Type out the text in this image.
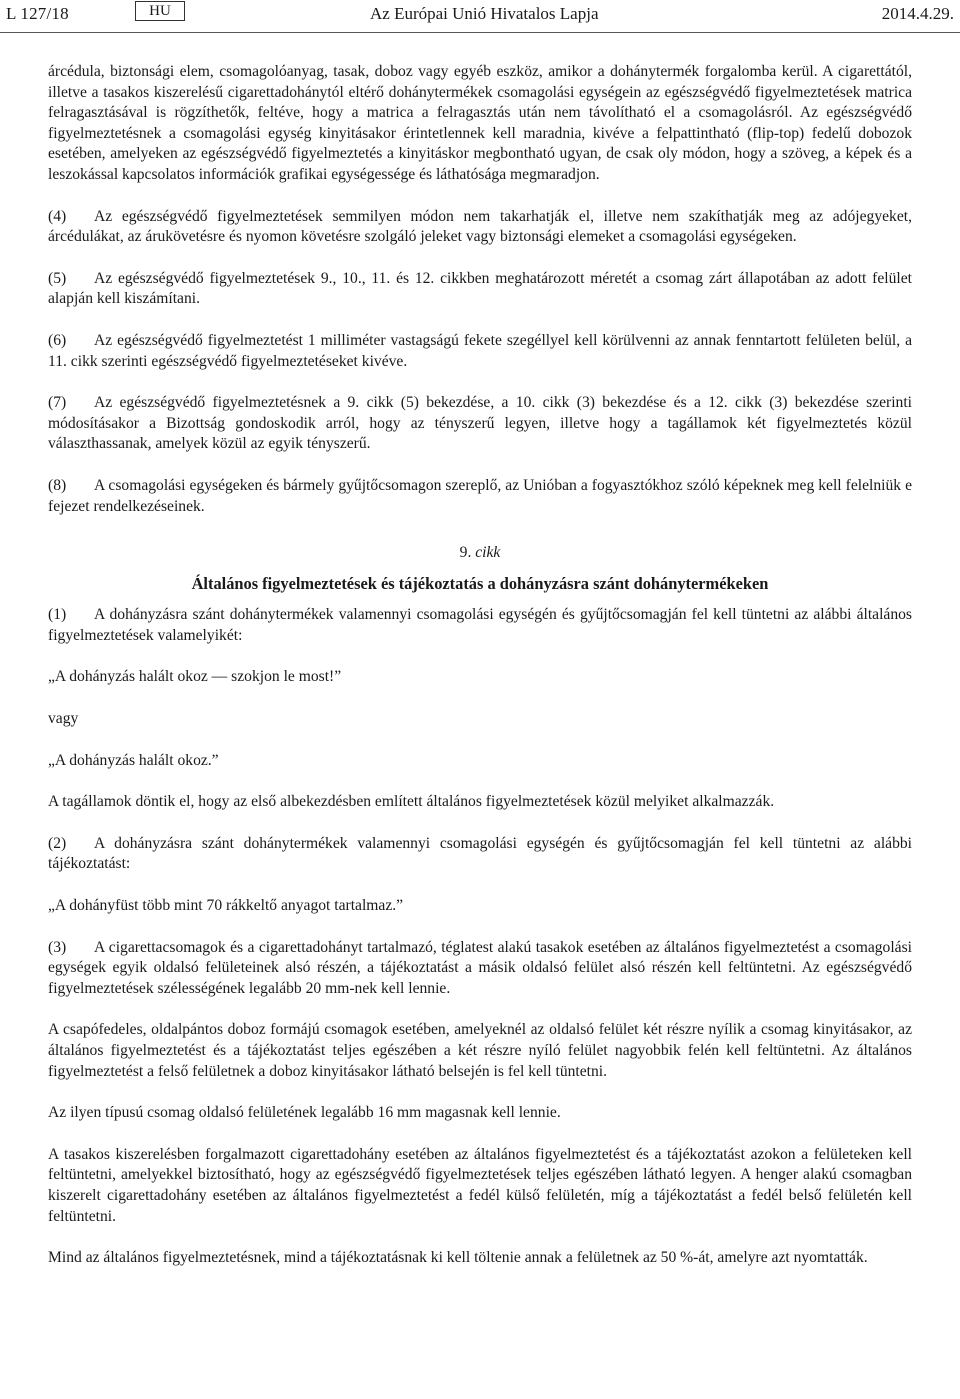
L 127/18	HU	Az Európai Unió Hivatalos Lapja	2014.4.29.

árcédula, biztonsági elem, csomagolóanyag, tasak, doboz vagy egyéb eszköz, amikor a dohánytermék forgalomba kerül. A cigarettától, illetve a tasakos kiszerelésű cigarettadohánytól eltérő dohánytermékek csomagolási egységein az egészségvédő figyelmeztetések matrica felragasztásával is rögzíthetők, feltéve, hogy a matrica a felragasztás után nem távolítható el a csomagolásról. Az egészségvédő figyelmeztetésnek a csomagolási egység kinyitásakor érintetlennek kell maradnia, kivéve a felpattintható (flip-top) fedelű dobozok esetében, amelyeken az egészségvédő figyelmeztetés a kinyitáskor megbontható ugyan, de csak oly módon, hogy a szöveg, a képek és a leszokással kapcsolatos információk grafikai egységessége és láthatósága megmaradjon.

(4) Az egészségvédő figyelmeztetések semmilyen módon nem takarhatják el, illetve nem szakíthatják meg az adójegyeket, árcédulákat, az árukövetésre és nyomon követésre szolgáló jeleket vagy biztonsági elemeket a csomagolási egységeken.

(5) Az egészségvédő figyelmeztetések 9., 10., 11. és 12. cikkben meghatározott méretét a csomag zárt állapotában az adott felület alapján kell kiszámítani.

(6) Az egészségvédő figyelmeztetést 1 milliméter vastagságú fekete szegéllyel kell körülvenni az annak fenntartott felületen belül, a 11. cikk szerinti egészségvédő figyelmeztetéseket kivéve.

(7) Az egészségvédő figyelmeztetésnek a 9. cikk (5) bekezdése, a 10. cikk (3) bekezdése és a 12. cikk (3) bekezdése szerinti módosításakor a Bizottság gondoskodik arról, hogy az tényszerű legyen, illetve hogy a tagállamok két figyelmeztetés közül választhassanak, amelyek közül az egyik tényszerű.

(8) A csomagolási egységeken és bármely gyűjtőcsomagon szereplő, az Unióban a fogyasztókhoz szóló képeknek meg kell felelniük e fejezet rendelkezéseinek.

9. cikk

Általános figyelmeztetések és tájékoztatás a dohányzásra szánt dohánytermékeken

(1) A dohányzásra szánt dohánytermékek valamennyi csomagolási egységén és gyűjtőcsomagján fel kell tüntetni az alábbi általános figyelmeztetések valamelyikét:

„A dohányzás halált okoz — szokjon le most!”

vagy

„A dohányzás halált okoz.”

A tagállamok döntik el, hogy az első albekezdésben említett általános figyelmeztetések közül melyiket alkalmazzák.

(2) A dohányzásra szánt dohánytermékek valamennyi csomagolási egységén és gyűjtőcsomagján fel kell tüntetni az alábbi tájékoztatást:

„A dohányfüst több mint 70 rákkeltő anyagot tartalmaz.”

(3) A cigarettacsomagok és a cigarettadohányt tartalmazó, téglatest alakú tasakok esetében az általános figyelmeztetést a csomagolási egységek egyik oldalsó felületeinek alsó részén, a tájékoztatást a másik oldalsó felület alsó részén kell feltüntetni. Az egészségvédő figyelmeztetések szélességének legalább 20 mm-nek kell lennie.

A csapófedeles, oldalpántos doboz formájú csomagok esetében, amelyeknél az oldalsó felület két részre nyílik a csomag kinyitásakor, az általános figyelmeztetést és a tájékoztatást teljes egészében a két részre nyíló felület nagyobbik felén kell feltüntetni. Az általános figyelmeztetést a felső felületnek a doboz kinyitásakor látható belsején is fel kell tüntetni.

Az ilyen típusú csomag oldalsó felületének legalább 16 mm magasnak kell lennie.

A tasakos kiszerelésben forgalmazott cigarettadohány esetében az általános figyelmeztetést és a tájékoztatást azokon a felületeken kell feltüntetni, amelyekkel biztosítható, hogy az egészségvédő figyelmeztetések teljes egészében látható legyen. A henger alakú csomagban kiszerelt cigarettadohány esetében az általános figyelmeztetést a fedél külső felületén, míg a tájékoztatást a fedél belső felületén kell feltüntetni.

Mind az általános figyelmeztetésnek, mind a tájékoztatásnak ki kell töltenie annak a felületnek az 50 %-át, amelyre azt nyomtatták.
